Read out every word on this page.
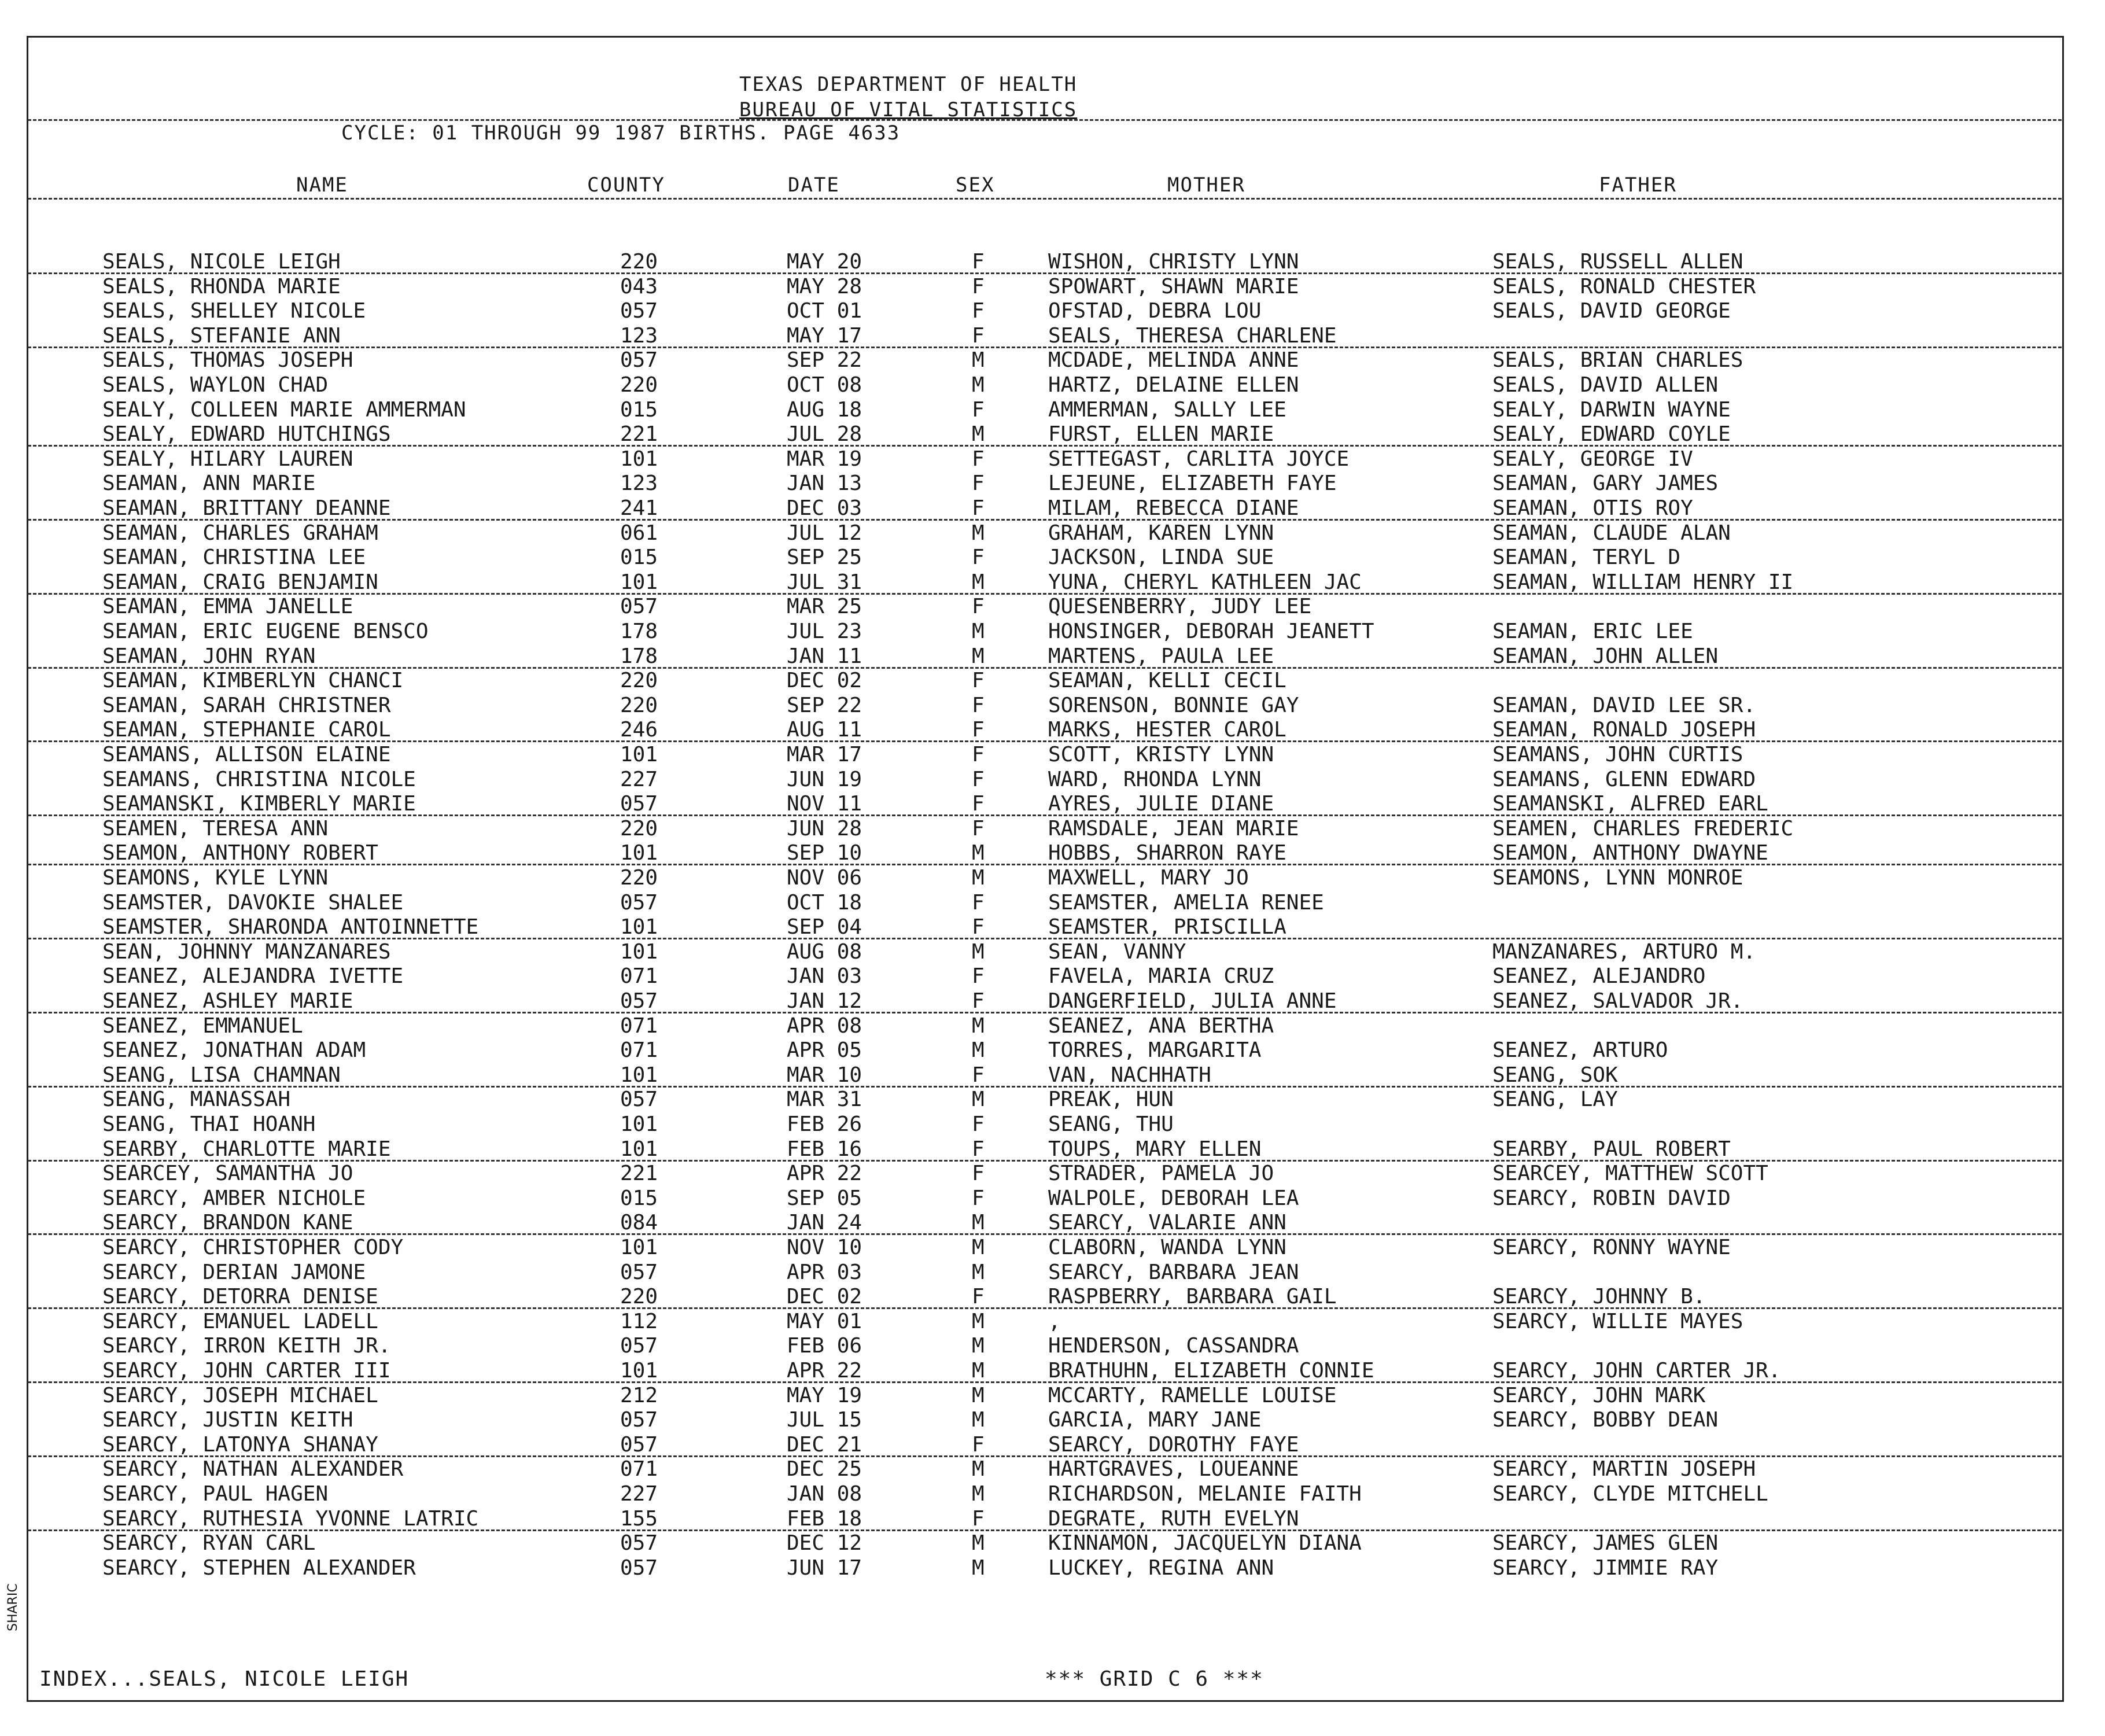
TEXAS DEPARTMENT OF HEALTH
BUREAU OF VITAL STATISTICS
CYCLE: 01 THROUGH 99 1987 BIRTHS. PAGE 4633
NAME	COUNTY	DATE	SEX	MOTHER	FATHER
SEALS, NICOLE LEIGH	220	MAY 20	F	WISHON, CHRISTY LYNN	SEALS, RUSSELL ALLEN
SEALS, RHONDA MARIE	043	MAY 28	F	SPOWART, SHAWN MARIE	SEALS, RONALD CHESTER
SEALS, SHELLEY NICOLE	057	OCT 01	F	OFSTAD, DEBRA LOU	SEALS, DAVID GEORGE
SEALS, STEFANIE ANN	123	MAY 17	F	SEALS, THERESA CHARLENE
SEALS, THOMAS JOSEPH	057	SEP 22	M	MCDADE, MELINDA ANNE	SEALS, BRIAN CHARLES
SEALS, WAYLON CHAD	220	OCT 08	M	HARTZ, DELAINE ELLEN	SEALS, DAVID ALLEN
SEALY, COLLEEN MARIE AMMERMAN	015	AUG 18	F	AMMERMAN, SALLY LEE	SEALY, DARWIN WAYNE
SEALY, EDWARD HUTCHINGS	221	JUL 28	M	FURST, ELLEN MARIE	SEALY, EDWARD COYLE
SEALY, HILARY LAUREN	101	MAR 19	F	SETTEGAST, CARLITA JOYCE	SEALY, GEORGE IV
SEAMAN, ANN MARIE	123	JAN 13	F	LEJEUNE, ELIZABETH FAYE	SEAMAN, GARY JAMES
SEAMAN, BRITTANY DEANNE	241	DEC 03	F	MILAM, REBECCA DIANE	SEAMAN, OTIS ROY
SEAMAN, CHARLES GRAHAM	061	JUL 12	M	GRAHAM, KAREN LYNN	SEAMAN, CLAUDE ALAN
SEAMAN, CHRISTINA LEE	015	SEP 25	F	JACKSON, LINDA SUE	SEAMAN, TERYL D
SEAMAN, CRAIG BENJAMIN	101	JUL 31	M	YUNA, CHERYL KATHLEEN JAC	SEAMAN, WILLIAM HENRY II
SEAMAN, EMMA JANELLE	057	MAR 25	F	QUESENBERRY, JUDY LEE
SEAMAN, ERIC EUGENE BENSCO	178	JUL 23	M	HONSINGER, DEBORAH JEANETT	SEAMAN, ERIC LEE
SEAMAN, JOHN RYAN	178	JAN 11	M	MARTENS, PAULA LEE	SEAMAN, JOHN ALLEN
SEAMAN, KIMBERLYN CHANCI	220	DEC 02	F	SEAMAN, KELLI CECIL
SEAMAN, SARAH CHRISTNER	220	SEP 22	F	SORENSON, BONNIE GAY	SEAMAN, DAVID LEE SR.
SEAMAN, STEPHANIE CAROL	246	AUG 11	F	MARKS, HESTER CAROL	SEAMAN, RONALD JOSEPH
SEAMANS, ALLISON ELAINE	101	MAR 17	F	SCOTT, KRISTY LYNN	SEAMANS, JOHN CURTIS
SEAMANS, CHRISTINA NICOLE	227	JUN 19	F	WARD, RHONDA LYNN	SEAMANS, GLENN EDWARD
SEAMANSKI, KIMBERLY MARIE	057	NOV 11	F	AYRES, JULIE DIANE	SEAMANSKI, ALFRED EARL
SEAMEN, TERESA ANN	220	JUN 28	F	RAMSDALE, JEAN MARIE	SEAMEN, CHARLES FREDERIC
SEAMON, ANTHONY ROBERT	101	SEP 10	M	HOBBS, SHARRON RAYE	SEAMON, ANTHONY DWAYNE
SEAMONS, KYLE LYNN	220	NOV 06	M	MAXWELL, MARY JO	SEAMONS, LYNN MONROE
SEAMSTER, DAVOKIE SHALEE	057	OCT 18	F	SEAMSTER, AMELIA RENEE
SEAMSTER, SHARONDA ANTOINNETTE	101	SEP 04	F	SEAMSTER, PRISCILLA
SEAN, JOHNNY MANZANARES	101	AUG 08	M	SEAN, VANNY	MANZANARES, ARTURO M.
SEANEZ, ALEJANDRA IVETTE	071	JAN 03	F	FAVELA, MARIA CRUZ	SEANEZ, ALEJANDRO
SEANEZ, ASHLEY MARIE	057	JAN 12	F	DANGERFIELD, JULIA ANNE	SEANEZ, SALVADOR JR.
SEANEZ, EMMANUEL	071	APR 08	M	SEANEZ, ANA BERTHA
SEANEZ, JONATHAN ADAM	071	APR 05	M	TORRES, MARGARITA	SEANEZ, ARTURO
SEANG, LISA CHAMNAN	101	MAR 10	F	VAN, NACHHATH	SEANG, SOK
SEANG, MANASSAH	057	MAR 31	M	PREAK, HUN	SEANG, LAY
SEANG, THAI HOANH	101	FEB 26	F	SEANG, THU
SEARBY, CHARLOTTE MARIE	101	FEB 16	F	TOUPS, MARY ELLEN	SEARBY, PAUL ROBERT
SEARCEY, SAMANTHA JO	221	APR 22	F	STRADER, PAMELA JO	SEARCEY, MATTHEW SCOTT
SEARCY, AMBER NICHOLE	015	SEP 05	F	WALPOLE, DEBORAH LEA	SEARCY, ROBIN DAVID
SEARCY, BRANDON KANE	084	JAN 24	M	SEARCY, VALARIE ANN
SEARCY, CHRISTOPHER CODY	101	NOV 10	M	CLABORN, WANDA LYNN	SEARCY, RONNY WAYNE
SEARCY, DERIAN JAMONE	057	APR 03	M	SEARCY, BARBARA JEAN
SEARCY, DETORRA DENISE	220	DEC 02	F	RASPBERRY, BARBARA GAIL	SEARCY, JOHNNY B.
SEARCY, EMANUEL LADELL	112	MAY 01	M	,	SEARCY, WILLIE MAYES
SEARCY, IRRON KEITH JR.	057	FEB 06	M	HENDERSON, CASSANDRA
SEARCY, JOHN CARTER III	101	APR 22	M	BRATHUHN, ELIZABETH CONNIE	SEARCY, JOHN CARTER JR.
SEARCY, JOSEPH MICHAEL	212	MAY 19	M	MCCARTY, RAMELLE LOUISE	SEARCY, JOHN MARK
SEARCY, JUSTIN KEITH	057	JUL 15	M	GARCIA, MARY JANE	SEARCY, BOBBY DEAN
SEARCY, LATONYA SHANAY	057	DEC 21	F	SEARCY, DOROTHY FAYE
SEARCY, NATHAN ALEXANDER	071	DEC 25	M	HARTGRAVES, LOUEANNE	SEARCY, MARTIN JOSEPH
SEARCY, PAUL HAGEN	227	JAN 08	M	RICHARDSON, MELANIE FAITH	SEARCY, CLYDE MITCHELL
SEARCY, RUTHESIA YVONNE LATRIC	155	FEB 18	F	DEGRATE, RUTH EVELYN
SEARCY, RYAN CARL	057	DEC 12	M	KINNAMON, JACQUELYN DIANA	SEARCY, JAMES GLEN
SEARCY, STEPHEN ALEXANDER	057	JUN 17	M	LUCKEY, REGINA ANN	SEARCY, JIMMIE RAY
INDEX...SEALS, NICOLE LEIGH	*** GRID C 6 ***
SHARIC
